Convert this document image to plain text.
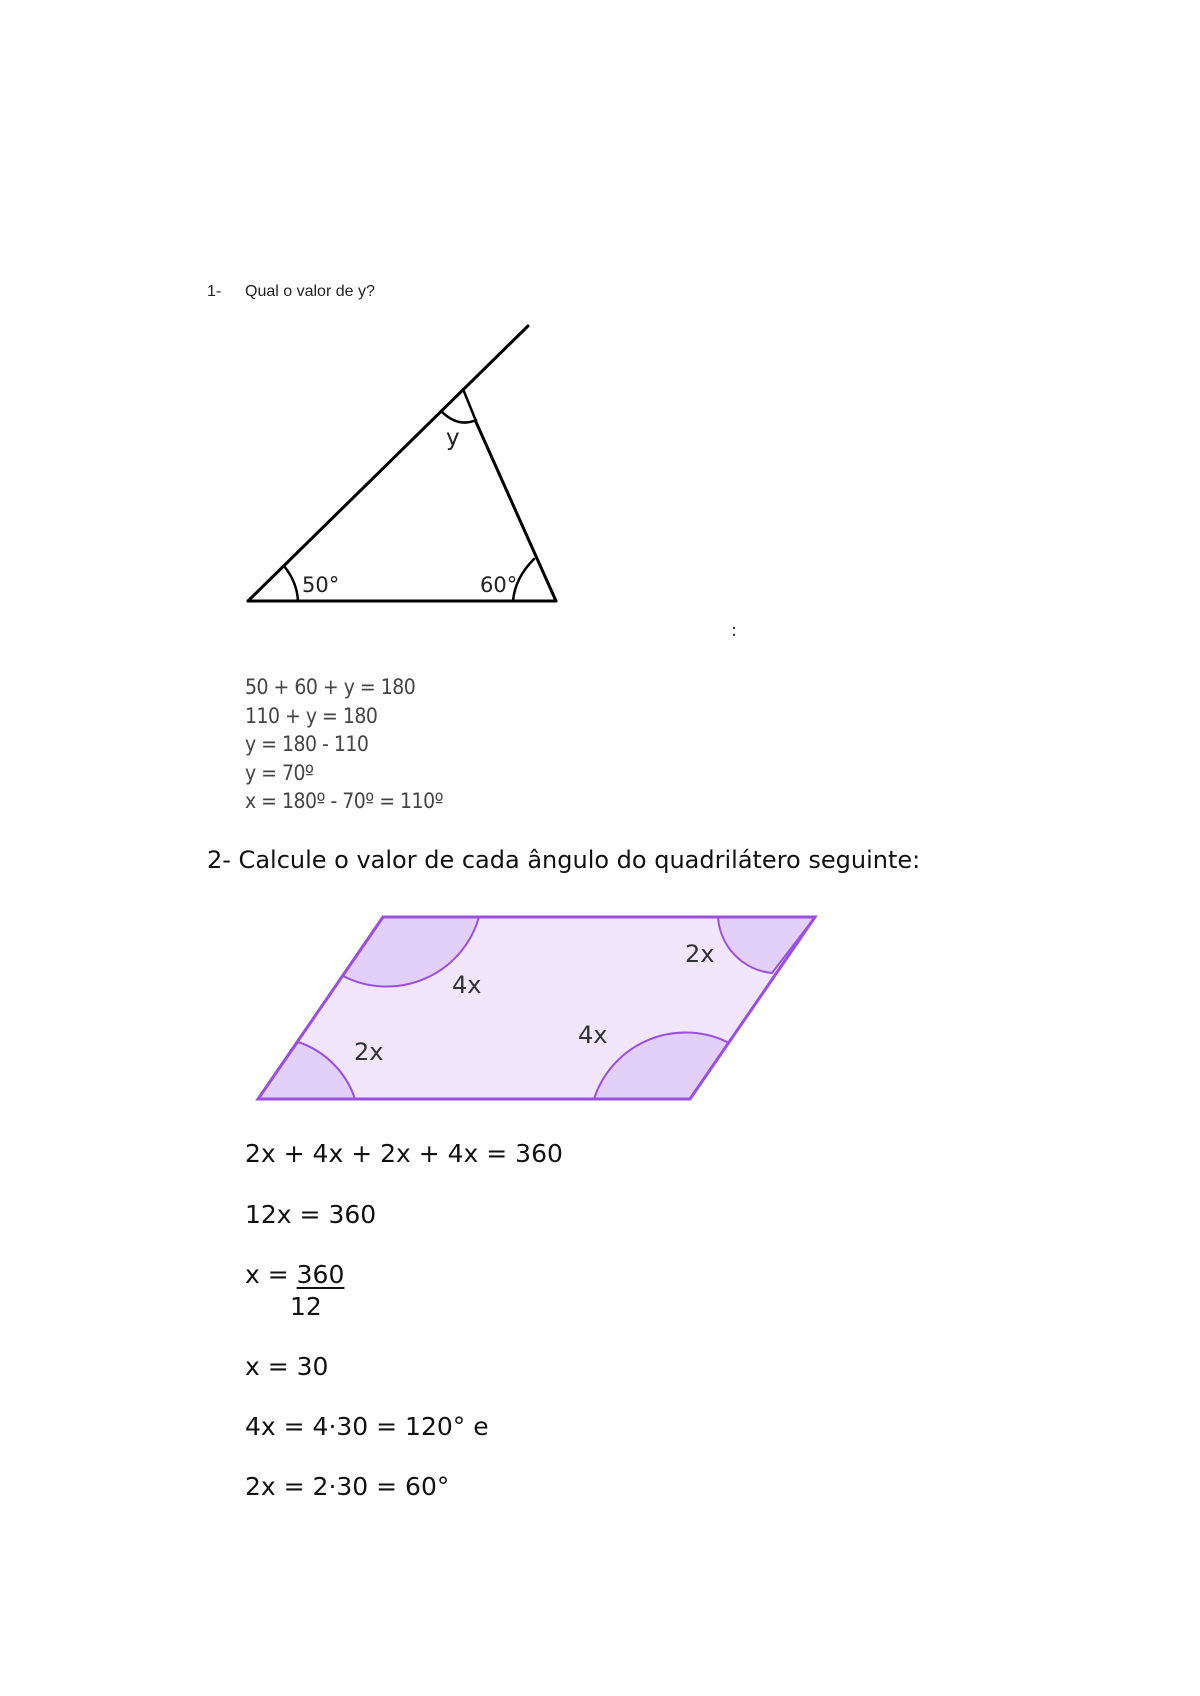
1- Qual o valor de y?
y
50°	60°
:
50 + 60 + y = 180
110 + y = 180
y = 180 - 110
y = 70º
x = 180º - 70º = 110º
2- Calcule o valor de cada ângulo do quadrilátero seguinte:
4x
2x
2x
4x
2x + 4x + 2x + 4x = 360
12x = 360
x = 360
12
x = 30
4x = 4·30 = 120° e
2x = 2·30 = 60°
